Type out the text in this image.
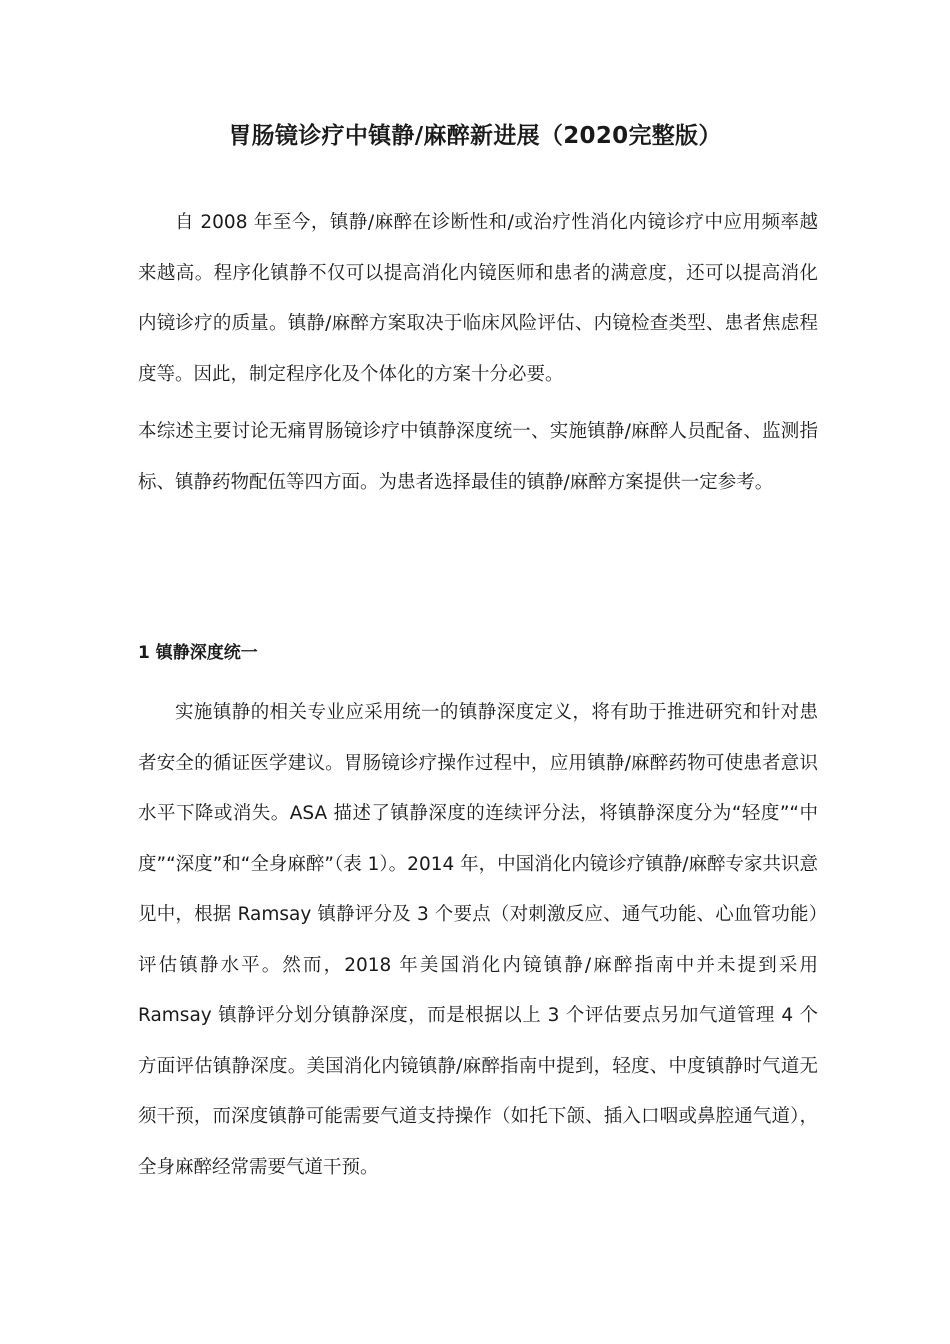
胃肠镜诊疗中镇静/麻醉新进展（2020完整版）

自 2008 年至今，镇静/麻醉在诊断性和/或治疗性消化内镜诊疗中应用频率越来越高。程序化镇静不仅可以提高消化内镜医师和患者的满意度，还可以提高消化内镜诊疗的质量。镇静/麻醉方案取决于临床风险评估、内镜检查类型、患者焦虑程度等。因此，制定程序化及个体化的方案十分必要。

本综述主要讨论无痛胃肠镜诊疗中镇静深度统一、实施镇静/麻醉人员配备、监测指标、镇静药物配伍等四方面。为患者选择最佳的镇静/麻醉方案提供一定参考。

1 镇静深度统一

实施镇静的相关专业应采用统一的镇静深度定义，将有助于推进研究和针对患者安全的循证医学建议。胃肠镜诊疗操作过程中，应用镇静/麻醉药物可使患者意识水平下降或消失。ASA 描述了镇静深度的连续评分法，将镇静深度分为“轻度”“中度”“深度”和“全身麻醉”（表 1）。2014 年，中国消化内镜诊疗镇静/麻醉专家共识意见中，根据 Ramsay 镇静评分及 3 个要点（对刺激反应、通气功能、心血管功能）评估镇静水平。然而，2018 年美国消化内镜镇静/麻醉指南中并未提到采用 Ramsay 镇静评分划分镇静深度，而是根据以上 3 个评估要点另加气道管理 4 个方面评估镇静深度。美国消化内镜镇静/麻醉指南中提到，轻度、中度镇静时气道无须干预，而深度镇静可能需要气道支持操作（如托下颌、插入口咽或鼻腔通气道），全身麻醉经常需要气道干预。
